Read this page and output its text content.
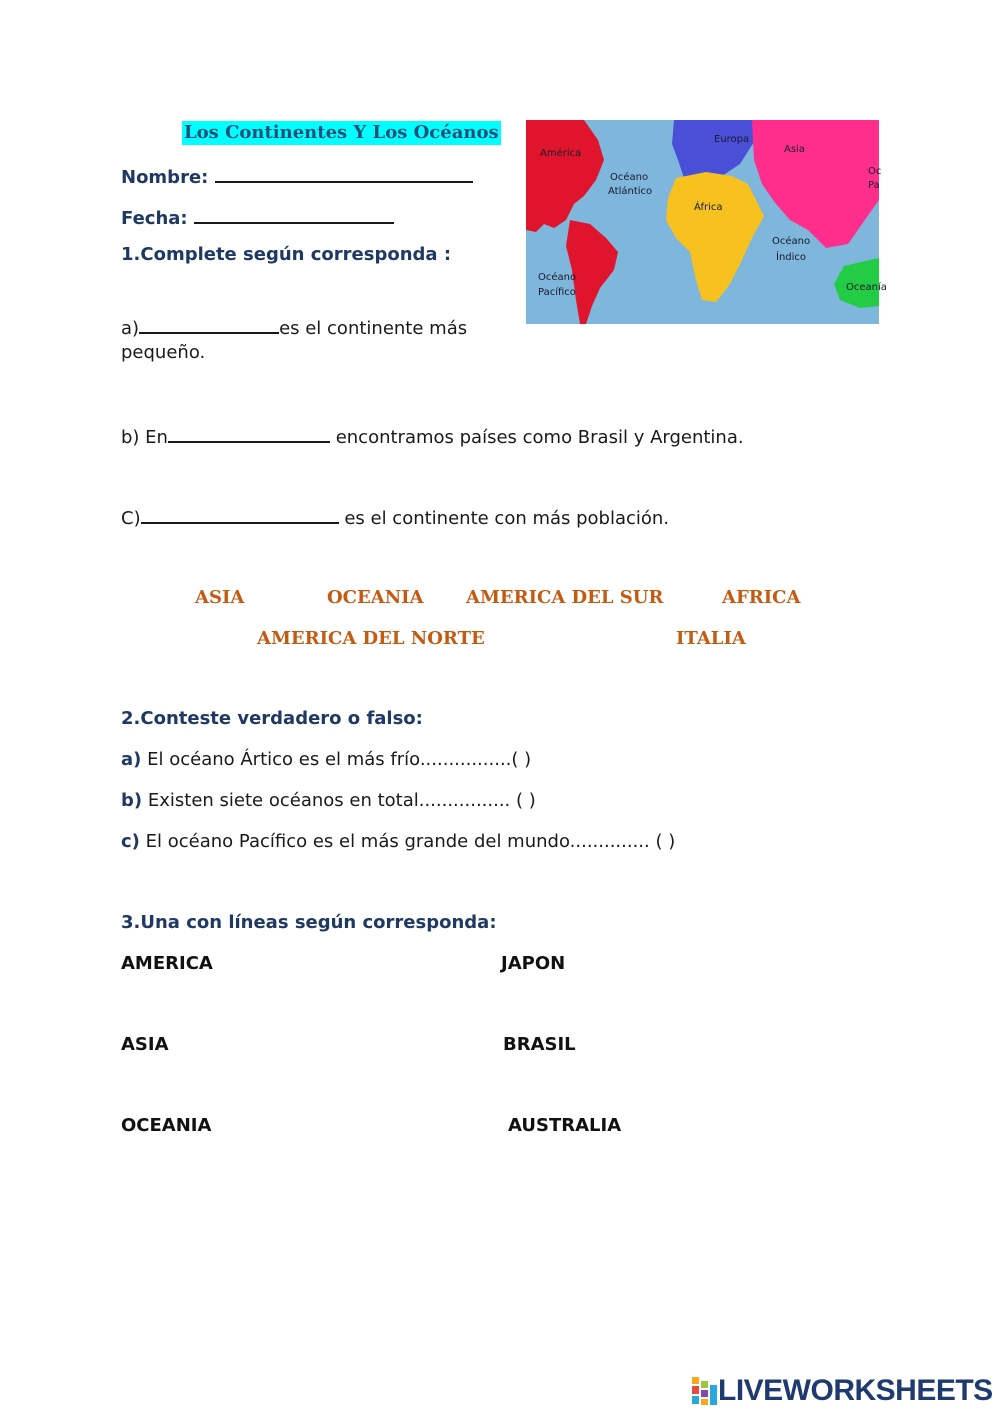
Los Continentes Y Los Océanos
Nombre:
Fecha:
1.Complete según corresponda :
a)	es el continente más
pequeño.
b) En	encontramos países como Brasil y Argentina.
C)	es el continente con más población.
ASIA	OCEANIA AMERICA DEL SUR	AFRICA
AMERICA DEL NORTE	ITALIA
2.Conteste verdadero o falso:
a) El océano Ártico es el más frío................( )
b) Existen siete océanos en total................ ( )
c) El océano Pacífico es el más grande del mundo.............. ( )
3.Una con líneas según corresponda:
AMERICA	JAPON
ASIA	BRASIL
OCEANIA	AUSTRALIA
América
Europa
Asia
Oc
Pa
Océano
Atlántico
África
Océano
Índico
Océano
Pacífico	Oceanía
LIVEWORKSHEETS
